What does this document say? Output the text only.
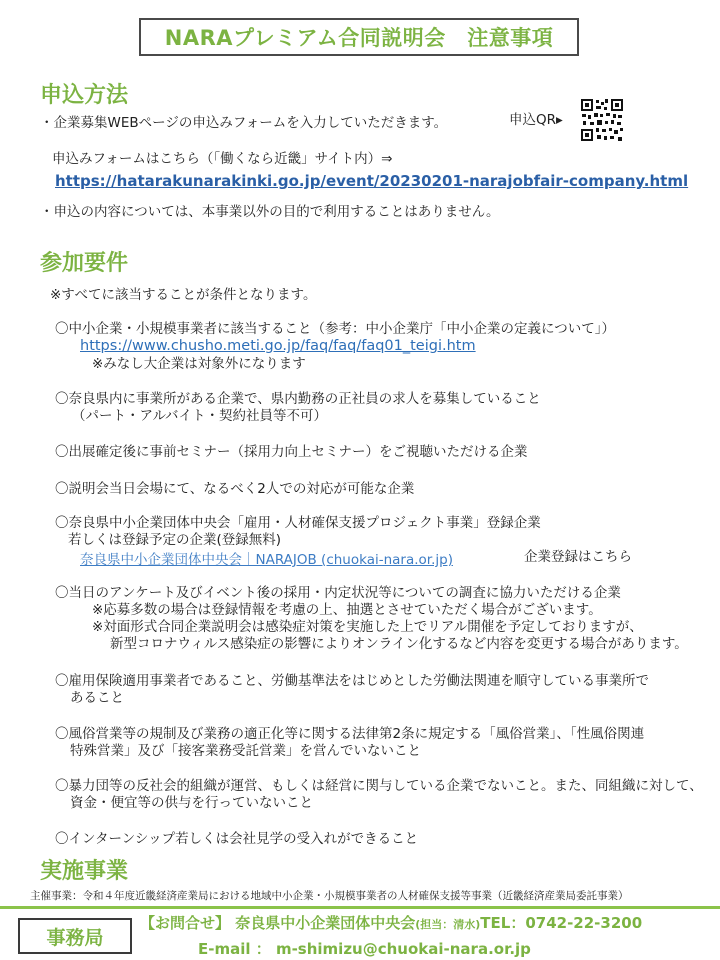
NARAプレミアム合同説明会　注意事項
申込方法
・企業募集WEBページの申込みフォームを入力していただきます。	申込QR▸
申込みフォームはこちら（「働くなら近畿」サイト内）⇒
https://hatarakunarakinki.go.jp/event/20230201-narajobfair-company.html
・申込の内容については、本事業以外の目的で利用することはありません。
参加要件
※すべてに該当することが条件となります。
〇中小企業・小規模事業者に該当すること（参考：中小企業庁「中小企業の定義について」）
https://www.chusho.meti.go.jp/faq/faq/faq01_teigi.htm
※みなし大企業は対象外になります
〇奈良県内に事業所がある企業で、県内勤務の正社員の求人を募集していること
（パート・アルバイト・契約社員等不可）
〇出展確定後に事前セミナー（採用力向上セミナー）をご視聴いただける企業
〇説明会当日会場にて、なるべく2人での対応が可能な企業
〇奈良県中小企業団体中央会「雇用・人材確保支援プロジェクト事業」登録企業
若しくは登録予定の企業(登録無料)
奈良県中小企業団体中央会｜NARAJOB (chuokai-nara.or.jp)	企業登録はこちら
〇当日のアンケート及びイベント後の採用・内定状況等についての調査に協力いただける企業
※応募多数の場合は登録情報を考慮の上、抽選とさせていただく場合がございます。
※対面形式合同企業説明会は感染症対策を実施した上でリアル開催を予定しておりますが、
新型コロナウィルス感染症の影響によりオンライン化するなど内容を変更する場合があります。
〇雇用保険適用事業者であること、労働基準法をはじめとした労働法関連を順守している事業所で
あること
〇風俗営業等の規制及び業務の適正化等に関する法律第2条に規定する「風俗営業」、「性風俗関連
特殊営業」及び「接客業務受託営業」を営んでいないこと
〇暴力団等の反社会的組織が運営、もしくは経営に関与している企業でないこと。また、同組織に対して、
資金・便宜等の供与を行っていないこと
〇インターンシップ若しくは会社見学の受入れができること
実施事業
主催事業：令和４年度近畿経済産業局における地域中小企業・小規模事業者の人材確保支援等事業（近畿経済産業局委託事業）
事務局
【お問合せ】 奈良県中小企業団体中央会(担当：清水)TEL：0742-22-3200
E-mail ： m-shimizu@chuokai-nara.or.jp
